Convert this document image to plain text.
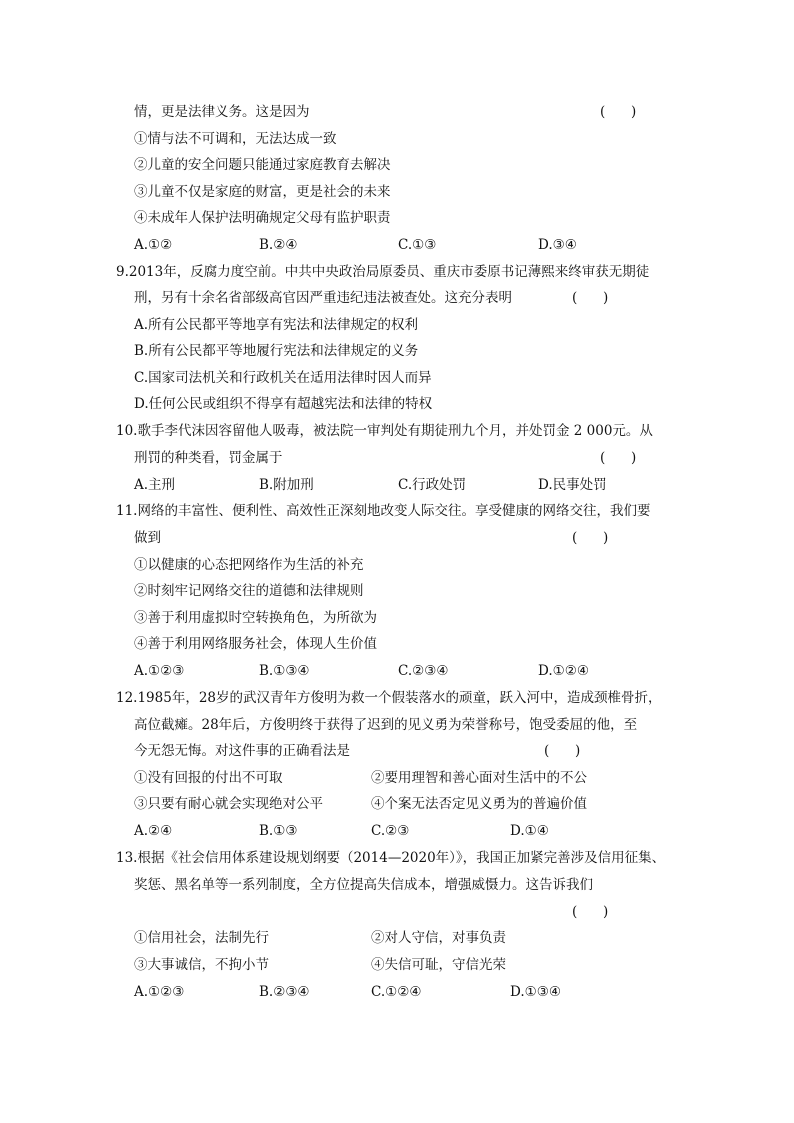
情，更是法律义务。这是因为	(      )
①情与法不可调和，无法达成一致
②儿童的安全问题只能通过家庭教育去解决
③儿童不仅是家庭的财富，更是社会的未来
④未成年人保护法明确规定父母有监护职责
A.①②	B.②④	C.①③	D.③④
9.2013年，反腐力度空前。中共中央政治局原委员、重庆市委原书记薄熙来终审获无期徒
刑，另有十余名省部级高官因严重违纪违法被查处。这充分表明	(      )
A.所有公民都平等地享有宪法和法律规定的权利
B.所有公民都平等地履行宪法和法律规定的义务
C.国家司法机关和行政机关在适用法律时因人而异
D.任何公民或组织不得享有超越宪法和法律的特权
10.歌手李代沫因容留他人吸毒，被法院一审判处有期徒刑九个月，并处罚金 2 000元。从
刑罚的种类看，罚金属于	(      )
A.主刑	B.附加刑	C.行政处罚	D.民事处罚
11.网络的丰富性、便利性、高效性正深刻地改变人际交往。享受健康的网络交往，我们要
做到	(      )
①以健康的心态把网络作为生活的补充
②时刻牢记网络交往的道德和法律规则
③善于利用虚拟时空转换角色，为所欲为
④善于利用网络服务社会，体现人生价值
A.①②③	B.①③④	C.②③④	D.①②④
12.1985年，28岁的武汉青年方俊明为救一个假装落水的顽童，跃入河中，造成颈椎骨折，
高位截瘫。28年后，方俊明终于获得了迟到的见义勇为荣誉称号，饱受委屈的他，至
今无怨无悔。对这件事的正确看法是	(      )
①没有回报的付出不可取	②要用理智和善心面对生活中的不公
③只要有耐心就会实现绝对公平	④个案无法否定见义勇为的普遍价值
A.②④	B.①③	C.②③	D.①④
13.根据《社会信用体系建设规划纲要（2014—2020年）》，我国正加紧完善涉及信用征集、
奖惩、黑名单等一系列制度，全方位提高失信成本，增强威慑力。这告诉我们
(      )
①信用社会，法制先行	②对人守信，对事负责
③大事诚信，不拘小节	④失信可耻，守信光荣
A.①②③	B.②③④	C.①②④	D.①③④
